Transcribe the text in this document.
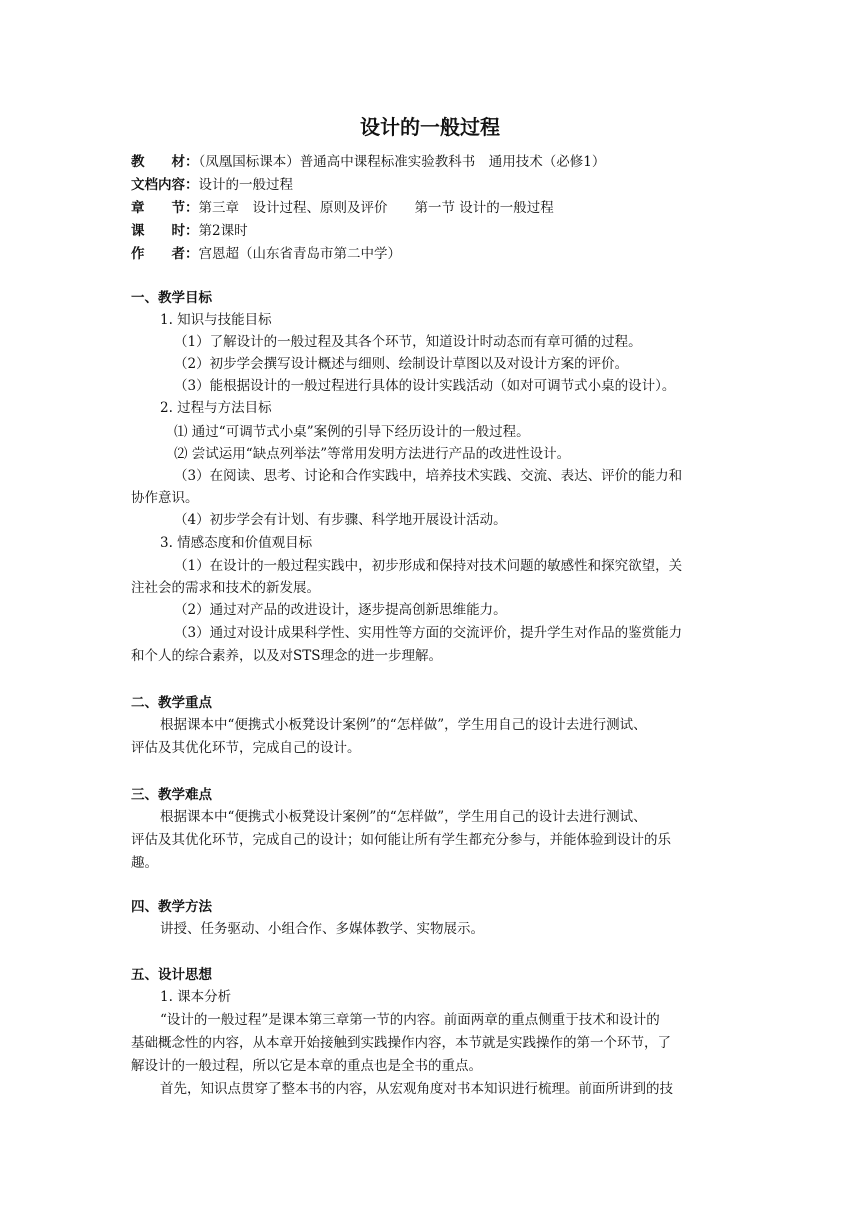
设计的一般过程
教　　材：（凤凰国标课本）普通高中课程标准实验教科书　通用技术（必修1）
文档内容：设计的一般过程
章　　节：第三章　设计过程、原则及评价　　第一节 设计的一般过程
课　　时：第2课时
作　　者：宫恩超（山东省青岛市第二中学）
一、教学目标
1. 知识与技能目标
（1）了解设计的一般过程及其各个环节，知道设计时动态而有章可循的过程。
（2）初步学会撰写设计概述与细则、绘制设计草图以及对设计方案的评价。
（3）能根据设计的一般过程进行具体的设计实践活动（如对可调节式小桌的设计）。
2. 过程与方法目标
⑴ 通过“可调节式小桌”案例的引导下经历设计的一般过程。
⑵ 尝试运用“缺点列举法”等常用发明方法进行产品的改进性设计。
（3）在阅读、思考、讨论和合作实践中，培养技术实践、交流、表达、评价的能力和
协作意识。
（4）初步学会有计划、有步骤、科学地开展设计活动。
3. 情感态度和价值观目标
（1）在设计的一般过程实践中，初步形成和保持对技术问题的敏感性和探究欲望，关
注社会的需求和技术的新发展。
（2）通过对产品的改进设计，逐步提高创新思维能力。
（3）通过对设计成果科学性、实用性等方面的交流评价，提升学生对作品的鉴赏能力
和个人的综合素养，以及对STS理念的进一步理解。
二、教学重点
根据课本中“便携式小板凳设计案例”的“怎样做”，学生用自己的设计去进行测试、
评估及其优化环节，完成自己的设计。
三、教学难点
根据课本中“便携式小板凳设计案例”的“怎样做”，学生用自己的设计去进行测试、
评估及其优化环节，完成自己的设计；如何能让所有学生都充分参与，并能体验到设计的乐
趣。
四、教学方法
讲授、任务驱动、小组合作、多媒体教学、实物展示。
五、设计思想
1. 课本分析
“设计的一般过程”是课本第三章第一节的内容。前面两章的重点侧重于技术和设计的
基础概念性的内容，从本章开始接触到实践操作内容，本节就是实践操作的第一个环节，了
解设计的一般过程，所以它是本章的重点也是全书的重点。
首先，知识点贯穿了整本书的内容，从宏观角度对书本知识进行梳理。前面所讲到的技
